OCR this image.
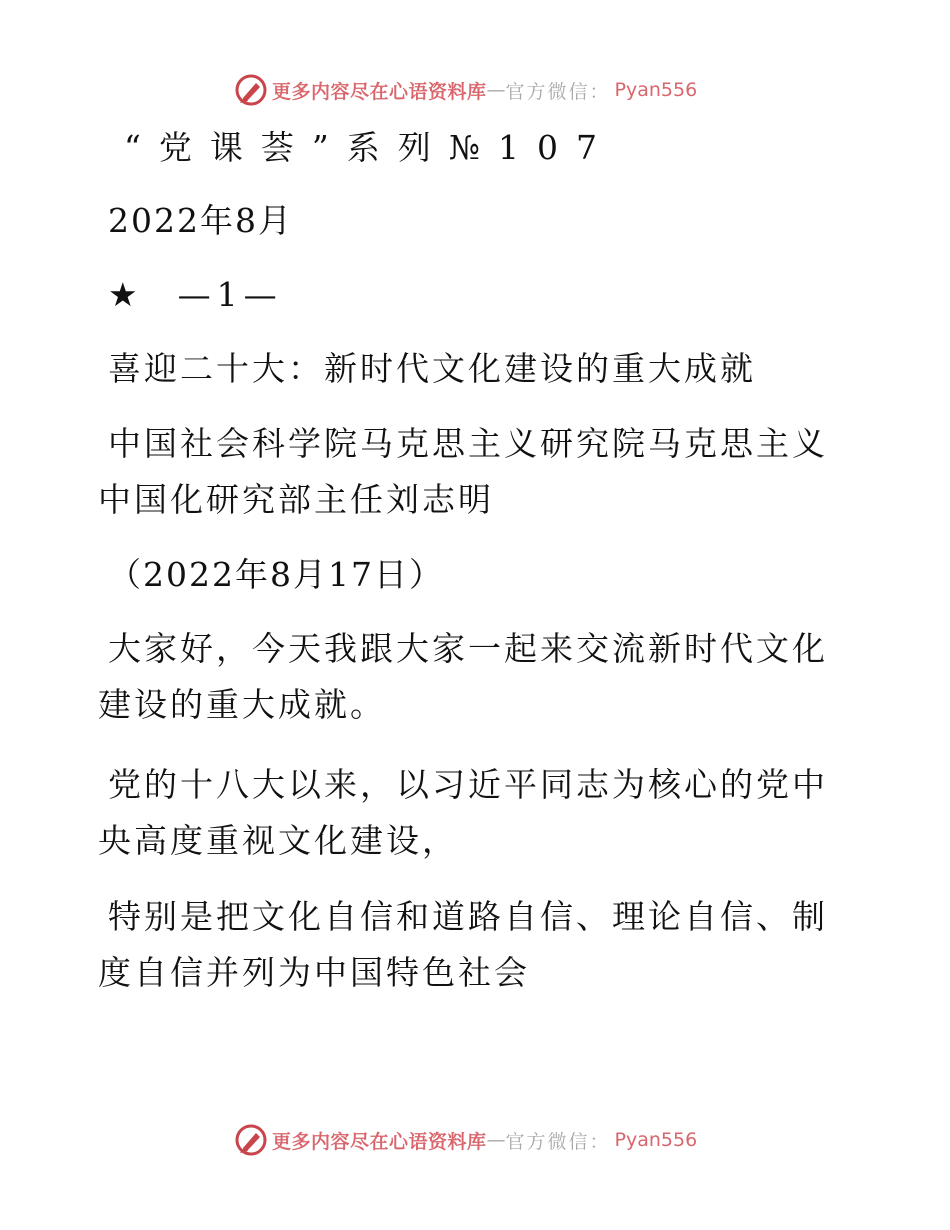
更多内容尽在心语资料库 — 官方微信： Pyan556
“党课荟”系列№107
2022年8月
★ —1—
喜迎二十大：新时代文化建设的重大成就
中国社会科学院马克思主义研究院马克思主义中国化研究部主任刘志明
（2022年8月17日）
大家好，今天我跟大家一起来交流新时代文化建设的重大成就。
党的十八大以来，以习近平同志为核心的党中央高度重视文化建设，
特别是把文化自信和道路自信、理论自信、制度自信并列为中国特色社会
更多内容尽在心语资料库 — 官方微信： Pyan556
